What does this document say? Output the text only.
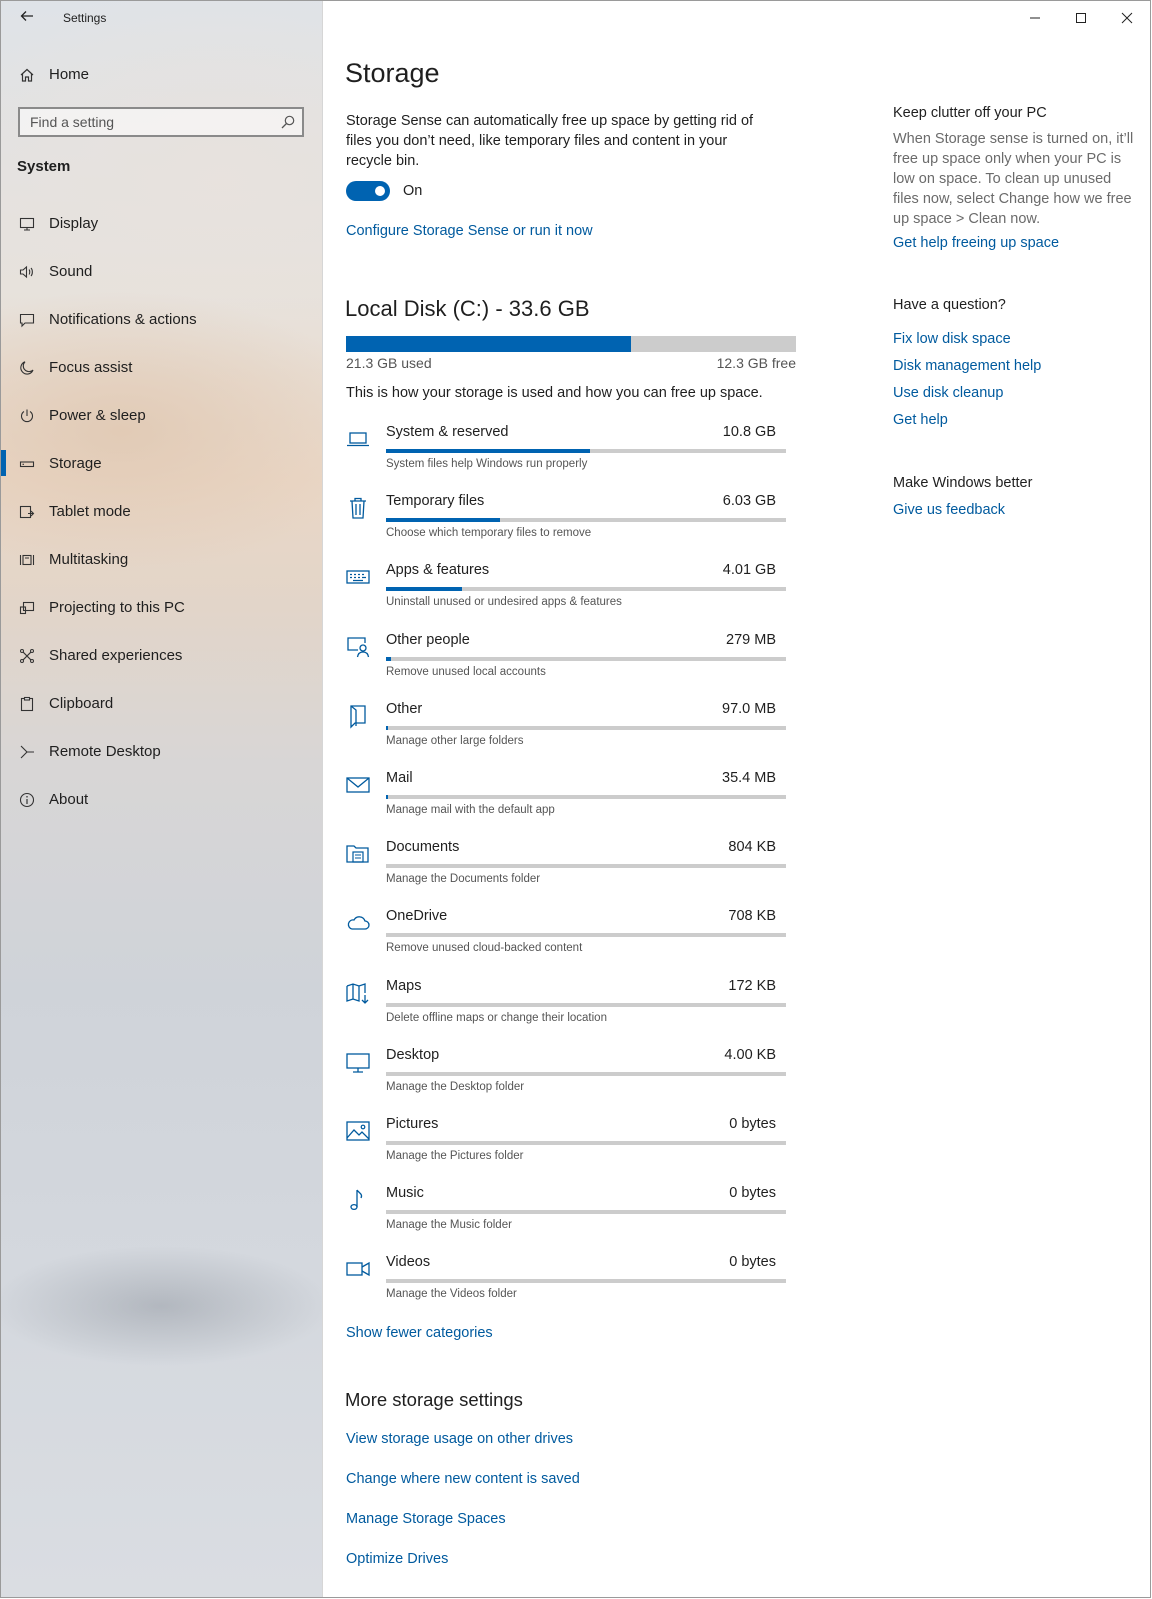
Settings
Home
Find a setting
System
Display
Sound
Notifications & actions
Focus assist
Power & sleep
Storage
Tablet mode
Multitasking
Projecting to this PC
Shared experiences
Clipboard
Remote Desktop
About
Storage
Storage Sense can automatically free up space by getting rid of files you don’t need, like temporary files and content in your recycle bin.
On
Configure Storage Sense or run it now
Local Disk (C:) - 33.6 GB
21.3 GB used	12.3 GB free
This is how your storage is used and how you can free up space.
System & reserved	10.8 GB
System files help Windows run properly
Temporary files	6.03 GB
Choose which temporary files to remove
Apps & features	4.01 GB
Uninstall unused or undesired apps & features
Other people	279 MB
Remove unused local accounts
Other	97.0 MB
Manage other large folders
Mail	35.4 MB
Manage mail with the default app
Documents	804 KB
Manage the Documents folder
OneDrive	708 KB
Remove unused cloud-backed content
Maps	172 KB
Delete offline maps or change their location
Desktop	4.00 KB
Manage the Desktop folder
Pictures	0 bytes
Manage the Pictures folder
Music	0 bytes
Manage the Music folder
Videos	0 bytes
Manage the Videos folder
Show fewer categories
More storage settings
View storage usage on other drives
Change where new content is saved
Manage Storage Spaces
Optimize Drives
Keep clutter off your PC

When Storage sense is turned on, it’ll free up space only when your PC is low on space. To clean up unused files now, select Change how we free up space > Clean now.

Get help freeing up space
Have a question?
Fix low disk space
Disk management help
Use disk cleanup
Get help
Make Windows better
Give us feedback
